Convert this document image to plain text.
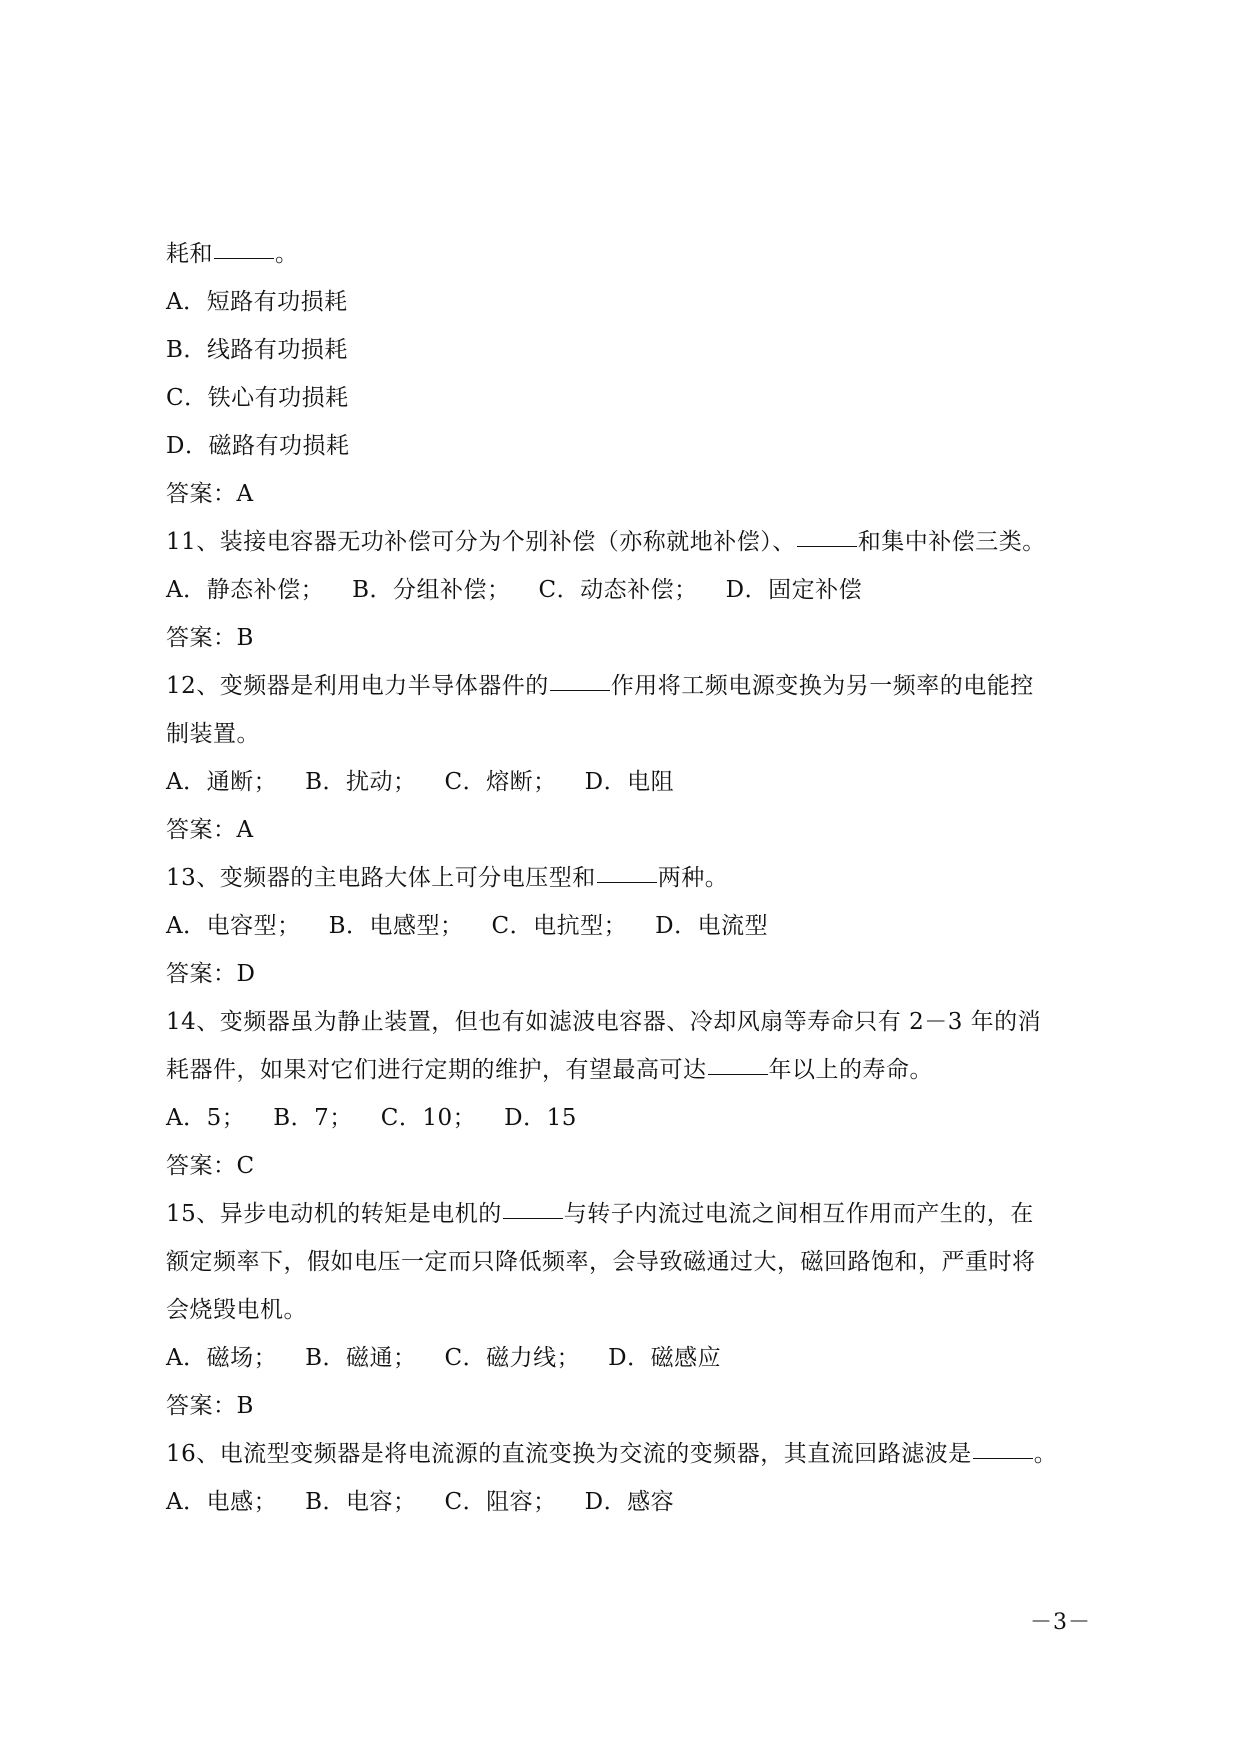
耗和	。
A．短路有功损耗
B．线路有功损耗
C．铁心有功损耗
D．磁路有功损耗
答案：A
11、装接电容器无功补偿可分为个别补偿（亦称就地补偿）、	和集中补偿三类。
A．静态补偿； B．分组补偿； C．动态补偿； D．固定补偿
答案：B
12、变频器是利用电力半导体器件的	作用将工频电源变换为另一频率的电能控
制装置。
A．通断； B．扰动； C．熔断； D．电阻
答案：A
13、变频器的主电路大体上可分电压型和	两种。
A．电容型； B．电感型； C．电抗型； D．电流型
答案：D
14、变频器虽为静止装置，但也有如滤波电容器、冷却风扇等寿命只有 2－3 年的消
耗器件，如果对它们进行定期的维护，有望最高可达	年以上的寿命。
A．5； B．7； C．10； D．15
答案：C
15、异步电动机的转矩是电机的	与转子内流过电流之间相互作用而产生的，在
额定频率下，假如电压一定而只降低频率，会导致磁通过大，磁回路饱和，严重时将
会烧毁电机。
A．磁场； B．磁通； C．磁力线； D．磁感应
答案：B
16、电流型变频器是将电流源的直流变换为交流的变频器，其直流回路滤波是	。
A．电感； B．电容； C．阻容； D．感容
－3－
